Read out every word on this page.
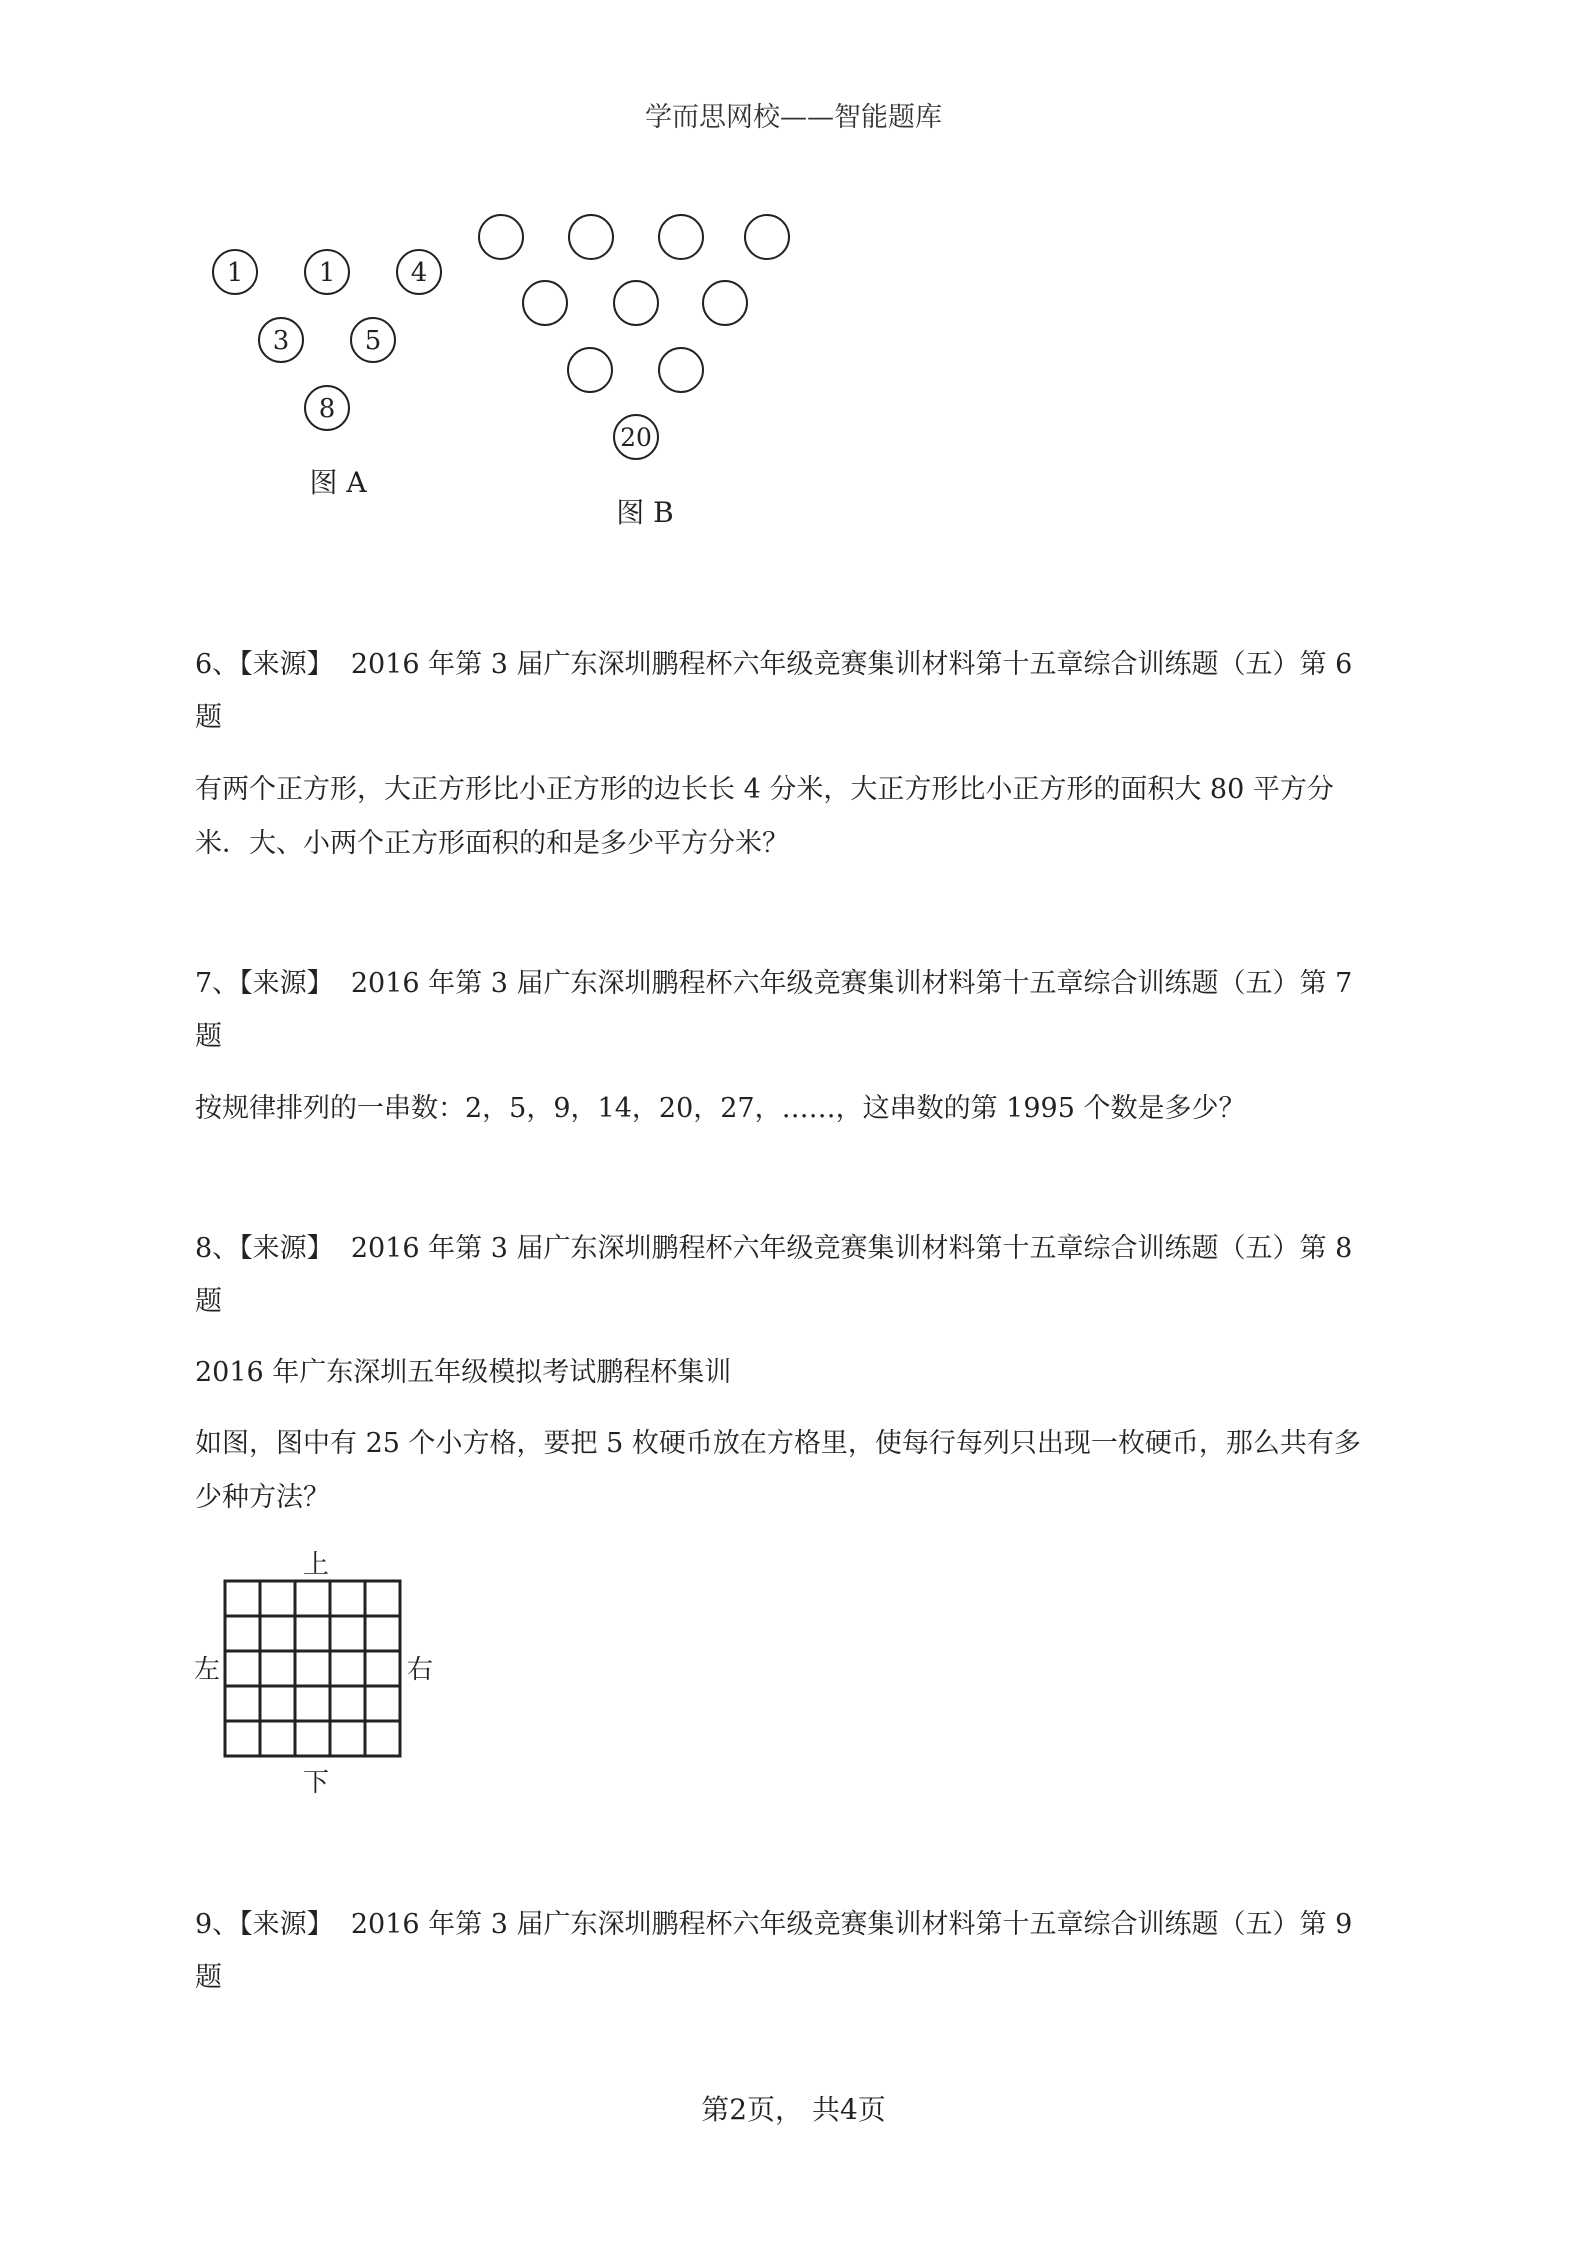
学而思网校——智能题库
1	1	4
3	5
8
图 A
20
图 B
6、【来源】 2016 年第 3 届广东深圳鹏程杯六年级竞赛集训材料第十五章综合训练题（五）第 6
题
有两个正方形，大正方形比小正方形的边长长 4 分米，大正方形比小正方形的面积大 80 平方分
米．大、小两个正方形面积的和是多少平方分米？
7、【来源】 2016 年第 3 届广东深圳鹏程杯六年级竞赛集训材料第十五章综合训练题（五）第 7
题
按规律排列的一串数：2，5，9，14，20，27，……，这串数的第 1995 个数是多少？
8、【来源】 2016 年第 3 届广东深圳鹏程杯六年级竞赛集训材料第十五章综合训练题（五）第 8
题
2016 年广东深圳五年级模拟考试鹏程杯集训
如图，图中有 25 个小方格，要把 5 枚硬币放在方格里，使每行每列只出现一枚硬币，那么共有多
少种方法？
上
下
左	右
9、【来源】 2016 年第 3 届广东深圳鹏程杯六年级竞赛集训材料第十五章综合训练题（五）第 9
题
第2页， 共4页
